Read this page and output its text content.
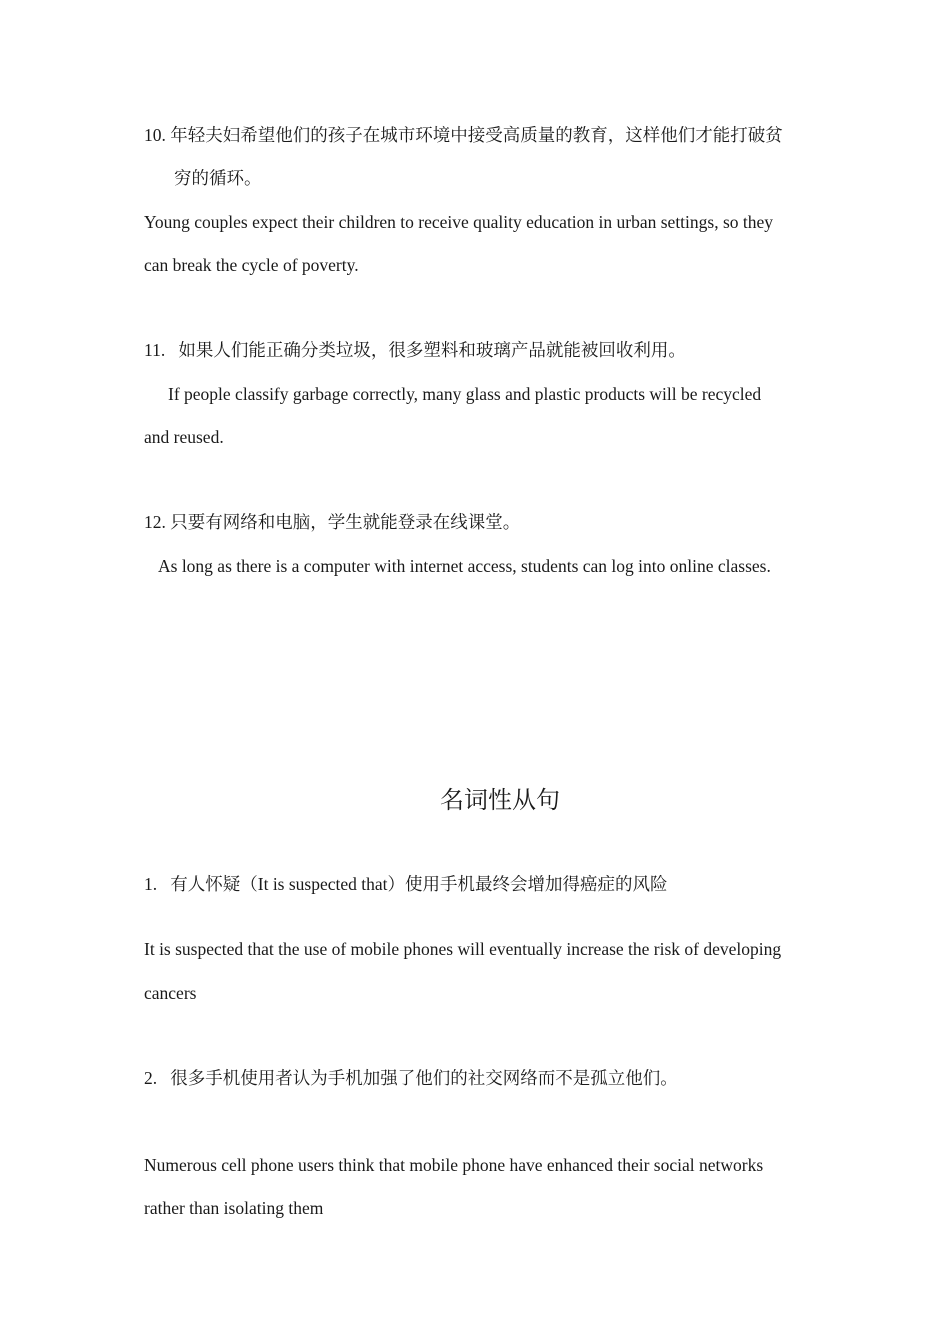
10. 年轻夫妇希望他们的孩子在城市环境中接受高质量的教育，这样他们才能打破贫
穷的循环。
Young couples expect their children to receive quality education in urban settings, so they
can break the cycle of poverty.
11. 如果人们能正确分类垃圾，很多塑料和玻璃产品就能被回收利用。
If people classify garbage correctly, many glass and plastic products will be recycled
and reused.
12. 只要有网络和电脑，学生就能登录在线课堂。
As long as there is a computer with internet access, students can log into online classes.
名词性从句
1. 有人怀疑（It is suspected that）使用手机最终会增加得癌症的风险
It is suspected that the use of mobile phones will eventually increase the risk of developing
cancers
2. 很多手机使用者认为手机加强了他们的社交网络而不是孤立他们。
Numerous cell phone users think that mobile phone have enhanced their social networks
rather than isolating them
